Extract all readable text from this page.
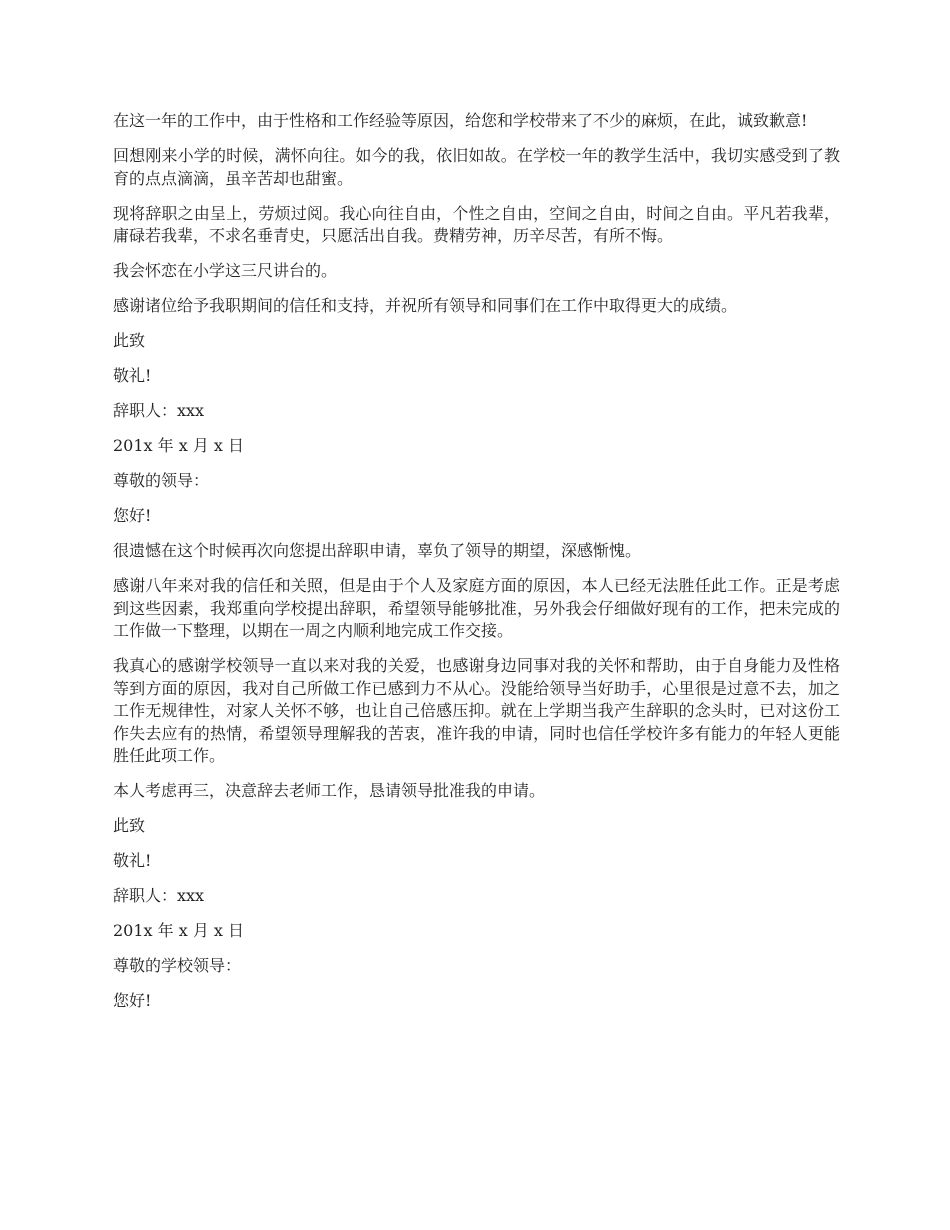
在这一年的工作中，由于性格和工作经验等原因，给您和学校带来了不少的麻烦，在此，诚致歉意!

回想刚来小学的时候，满怀向往。如今的我，依旧如故。在学校一年的教学生活中，我切实感受到了教育的点点滴滴，虽辛苦却也甜蜜。

现将辞职之由呈上，劳烦过阅。我心向往自由，个性之自由，空间之自由，时间之自由。平凡若我辈，庸碌若我辈，不求名垂青史，只愿活出自我。费精劳神，历辛尽苦，有所不悔。

我会怀恋在小学这三尺讲台的。

感谢诸位给予我职期间的信任和支持，并祝所有领导和同事们在工作中取得更大的成绩。

此致

敬礼!

辞职人：xxx

201x 年 x 月 x 日

尊敬的领导：

您好!

很遗憾在这个时候再次向您提出辞职申请，辜负了领导的期望，深感惭愧。

感谢八年来对我的信任和关照，但是由于个人及家庭方面的原因，本人已经无法胜任此工作。正是考虑到这些因素，我郑重向学校提出辞职，希望领导能够批准，另外我会仔细做好现有的工作，把未完成的工作做一下整理，以期在一周之内顺利地完成工作交接。

我真心的感谢学校领导一直以来对我的关爱，也感谢身边同事对我的关怀和帮助，由于自身能力及性格等到方面的原因，我对自己所做工作已感到力不从心。没能给领导当好助手，心里很是过意不去，加之工作无规律性，对家人关怀不够，也让自己倍感压抑。就在上学期当我产生辞职的念头时，已对这份工作失去应有的热情，希望领导理解我的苦衷，准许我的申请，同时也信任学校许多有能力的年轻人更能胜任此项工作。

本人考虑再三，决意辞去老师工作，恳请领导批准我的申请。

此致

敬礼!

辞职人：xxx

201x 年 x 月 x 日

尊敬的学校领导：

您好!
